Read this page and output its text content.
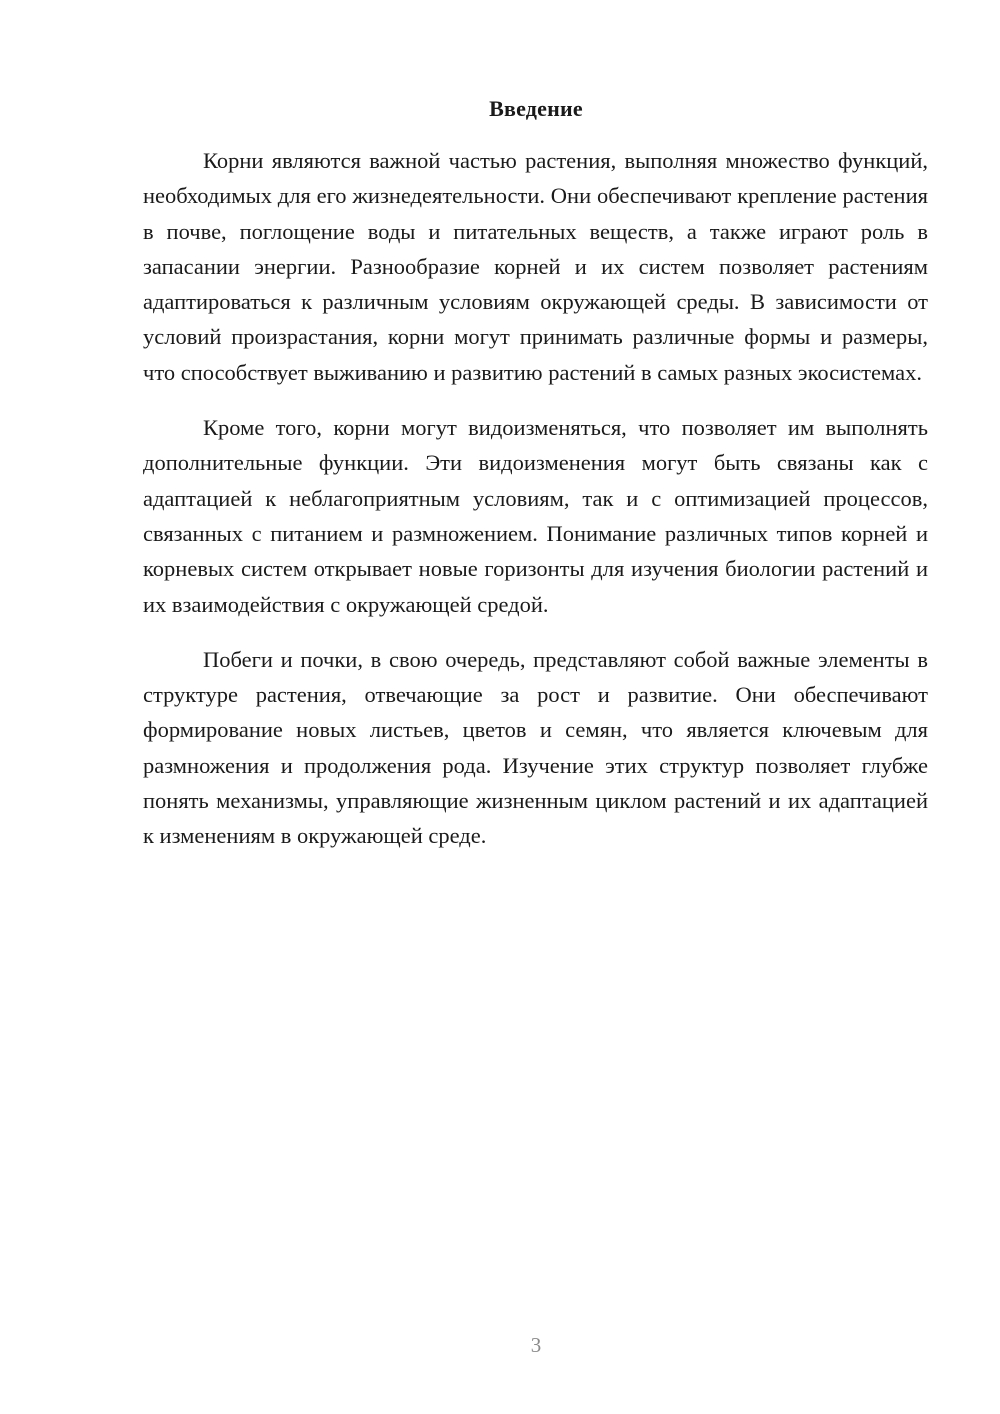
Введение

Корни являются важной частью растения, выполняя множество функций, необходимых для его жизнедеятельности. Они обеспечивают крепление растения в почве, поглощение воды и питательных веществ, а также играют роль в запасании энергии. Разнообразие корней и их систем позволяет растениям адаптироваться к различным условиям окружающей среды. В зависимости от условий произрастания, корни могут принимать различные формы и размеры, что способствует выживанию и развитию растений в самых разных экосистемах.

Кроме того, корни могут видоизменяться, что позволяет им выполнять дополнительные функции. Эти видоизменения могут быть связаны как с адаптацией к неблагоприятным условиям, так и с оптимизацией процессов, связанных с питанием и размножением. Понимание различных типов корней и корневых систем открывает новые горизонты для изучения биологии растений и их взаимодействия с окружающей средой.

Побеги и почки, в свою очередь, представляют собой важные элементы в структуре растения, отвечающие за рост и развитие. Они обеспечивают формирование новых листьев, цветов и семян, что является ключевым для размножения и продолжения рода. Изучение этих структур позволяет глубже понять механизмы, управляющие жизненным циклом растений и их адаптацией к изменениям в окружающей среде.

3
